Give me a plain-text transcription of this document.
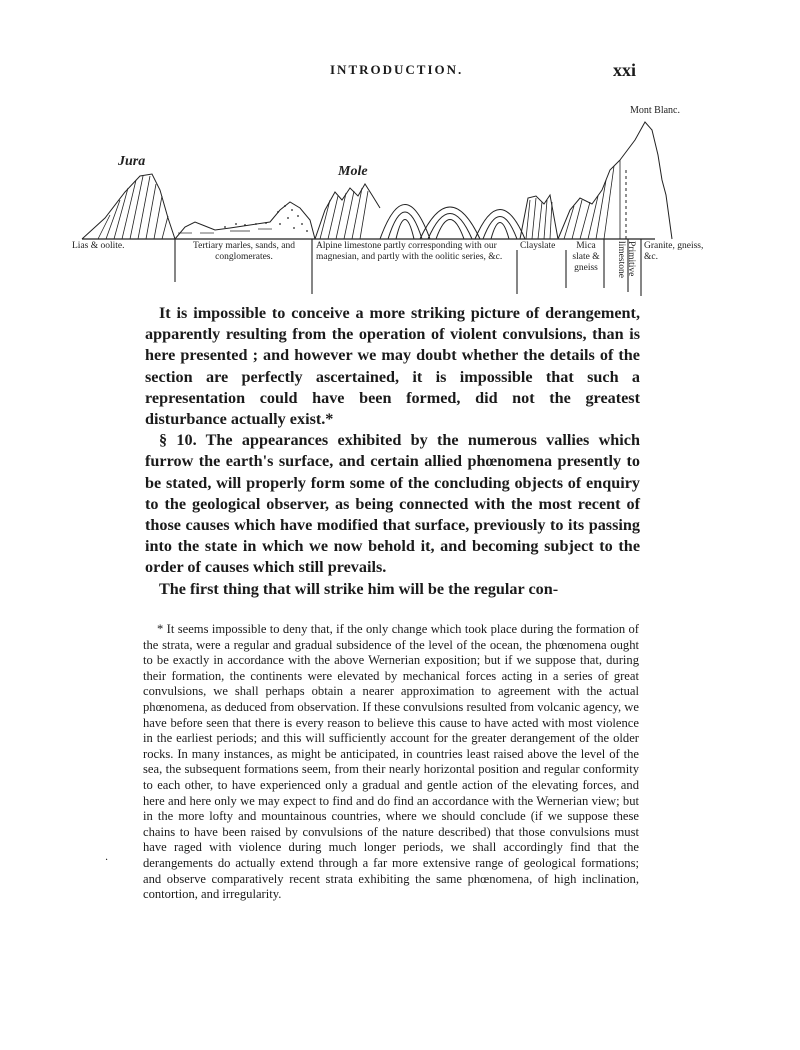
INTRODUCTION.	xxi
Mont Blanc.
Jura
Mole
Lias & oolite.	Tertiary marles, sands, and conglomerates.
Alpine limestone partly corresponding with our magnesian, and partly with the oolitic series, &c.
Clayslate	Mica slate & gneiss	Primitive limestone	Granite, gneiss, &c.

It is impossible to conceive a more striking picture of derangement, apparently resulting from the operation of violent convulsions, than is here presented ; and however we may doubt whether the details of the section are perfectly ascertained, it is impossible that such a representation could have been formed, did not the greatest disturbance actually exist.*

§ 10. The appearances exhibited by the numerous vallies which furrow the earth's surface, and certain allied phœnomena presently to be stated, will properly form some of the concluding objects of enquiry to the geological observer, as being connected with the most recent of those causes which have modified that surface, previously to its passing into the state in which we now behold it, and becoming subject to the order of causes which still prevails.

The first thing that will strike him will be the regular con-

* It seems impossible to deny that, if the only change which took place during the formation of the strata, were a regular and gradual subsidence of the level of the ocean, the phœnomena ought to be exactly in accordance with the above Wernerian exposition; but if we suppose that, during their formation, the continents were elevated by mechanical forces acting in a series of great convulsions, we shall perhaps obtain a nearer approximation to agreement with the actual phœnomena, as deduced from observation. If these convulsions resulted from volcanic agency, we have before seen that there is every reason to believe this cause to have acted with most violence in the earliest periods; and this will sufficiently account for the greater derangement of the older rocks. In many instances, as might be anticipated, in countries least raised above the level of the sea, the subsequent formations seem, from their nearly horizontal position and regular conformity to each other, to have experienced only a gradual and gentle action of the elevating forces, and here and here only we may expect to find and do find an accordance with the Wernerian view; but in the more lofty and mountainous countries, where we should conclude (if we suppose these chains to have been raised by convulsions of the nature described) that those convulsions must have raged with violence during much longer periods, we shall accordingly find that the derangements do actually extend through a far more extensive range of geological formations; and observe comparatively recent strata exhibiting the same phœnomena, of high inclination, contortion, and irregularity.

·
